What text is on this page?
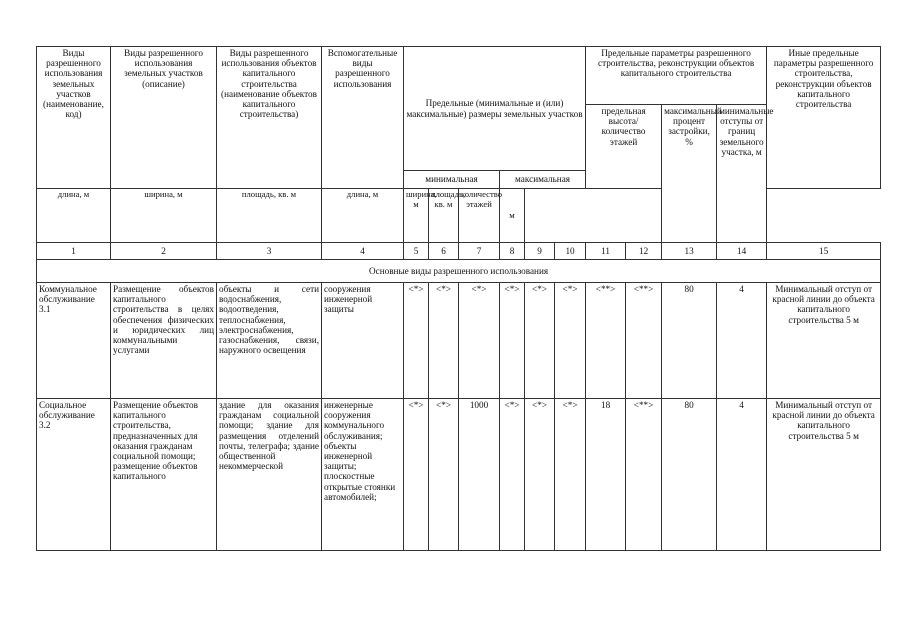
Виды разрешенного использования земельных участков (наименование, код)	Виды разрешенного использования земельных участков (описание)	Виды разрешенного использования объектов капитального строительства (наименование объектов капитального строительства)	Вспомогательные виды разрешенного использования	Предельные (минимальные и (или) максимальные) размеры земельных участков						Предельные параметры разрешенного строительства, реконструкции объектов капитального строительства				Иные предельные параметры разрешенного строительства, реконструкции объектов капитального строительства
										предельная высота/количество этажей		максимальный процент застройки, %	минимальные отступы от границ земельного участка, м	
				минимальная			максимальная							
длина, м	ширина, м	площадь, кв. м	длина, м	ширина, м	площадь, кв. м	количество этажей	м							
1	2	3	4	5	6	7	8	9	10	11	12	13	14	15
Основные виды разрешенного использования														
Коммунальное обслуживание 3.1	Размещение объектов капитального строительства в целях обеспечения физических и юридических лиц коммунальными услугами	объекты и сети водоснабжения, водоотведения, теплоснабжения, электроснабжения, газоснабжения, связи, наружного освещения	сооружения инженерной защиты	<*>	<*>	<*>	<*>	<*>	<*>	<**>	<**>	80	4	Минимальный отступ от красной линии до объекта капитального строительства 5 м
Социальное обслуживание 3.2	Размещение объектов капитального строительства, предназначенных для оказания гражданам социальной помощи; размещение объектов капитального	здание для оказания гражданам социальной помощи; здание для размещения отделений почты, телеграфа; здание общественной некоммерческой	инженерные сооружения коммунального обслуживания; объекты инженерной защиты; плоскостные открытые стоянки автомобилей;	<*>	<*>	1000	<*>	<*>	<*>	18	<**>	80	4	Минимальный отступ от красной линии до объекта капитального строительства 5 м
